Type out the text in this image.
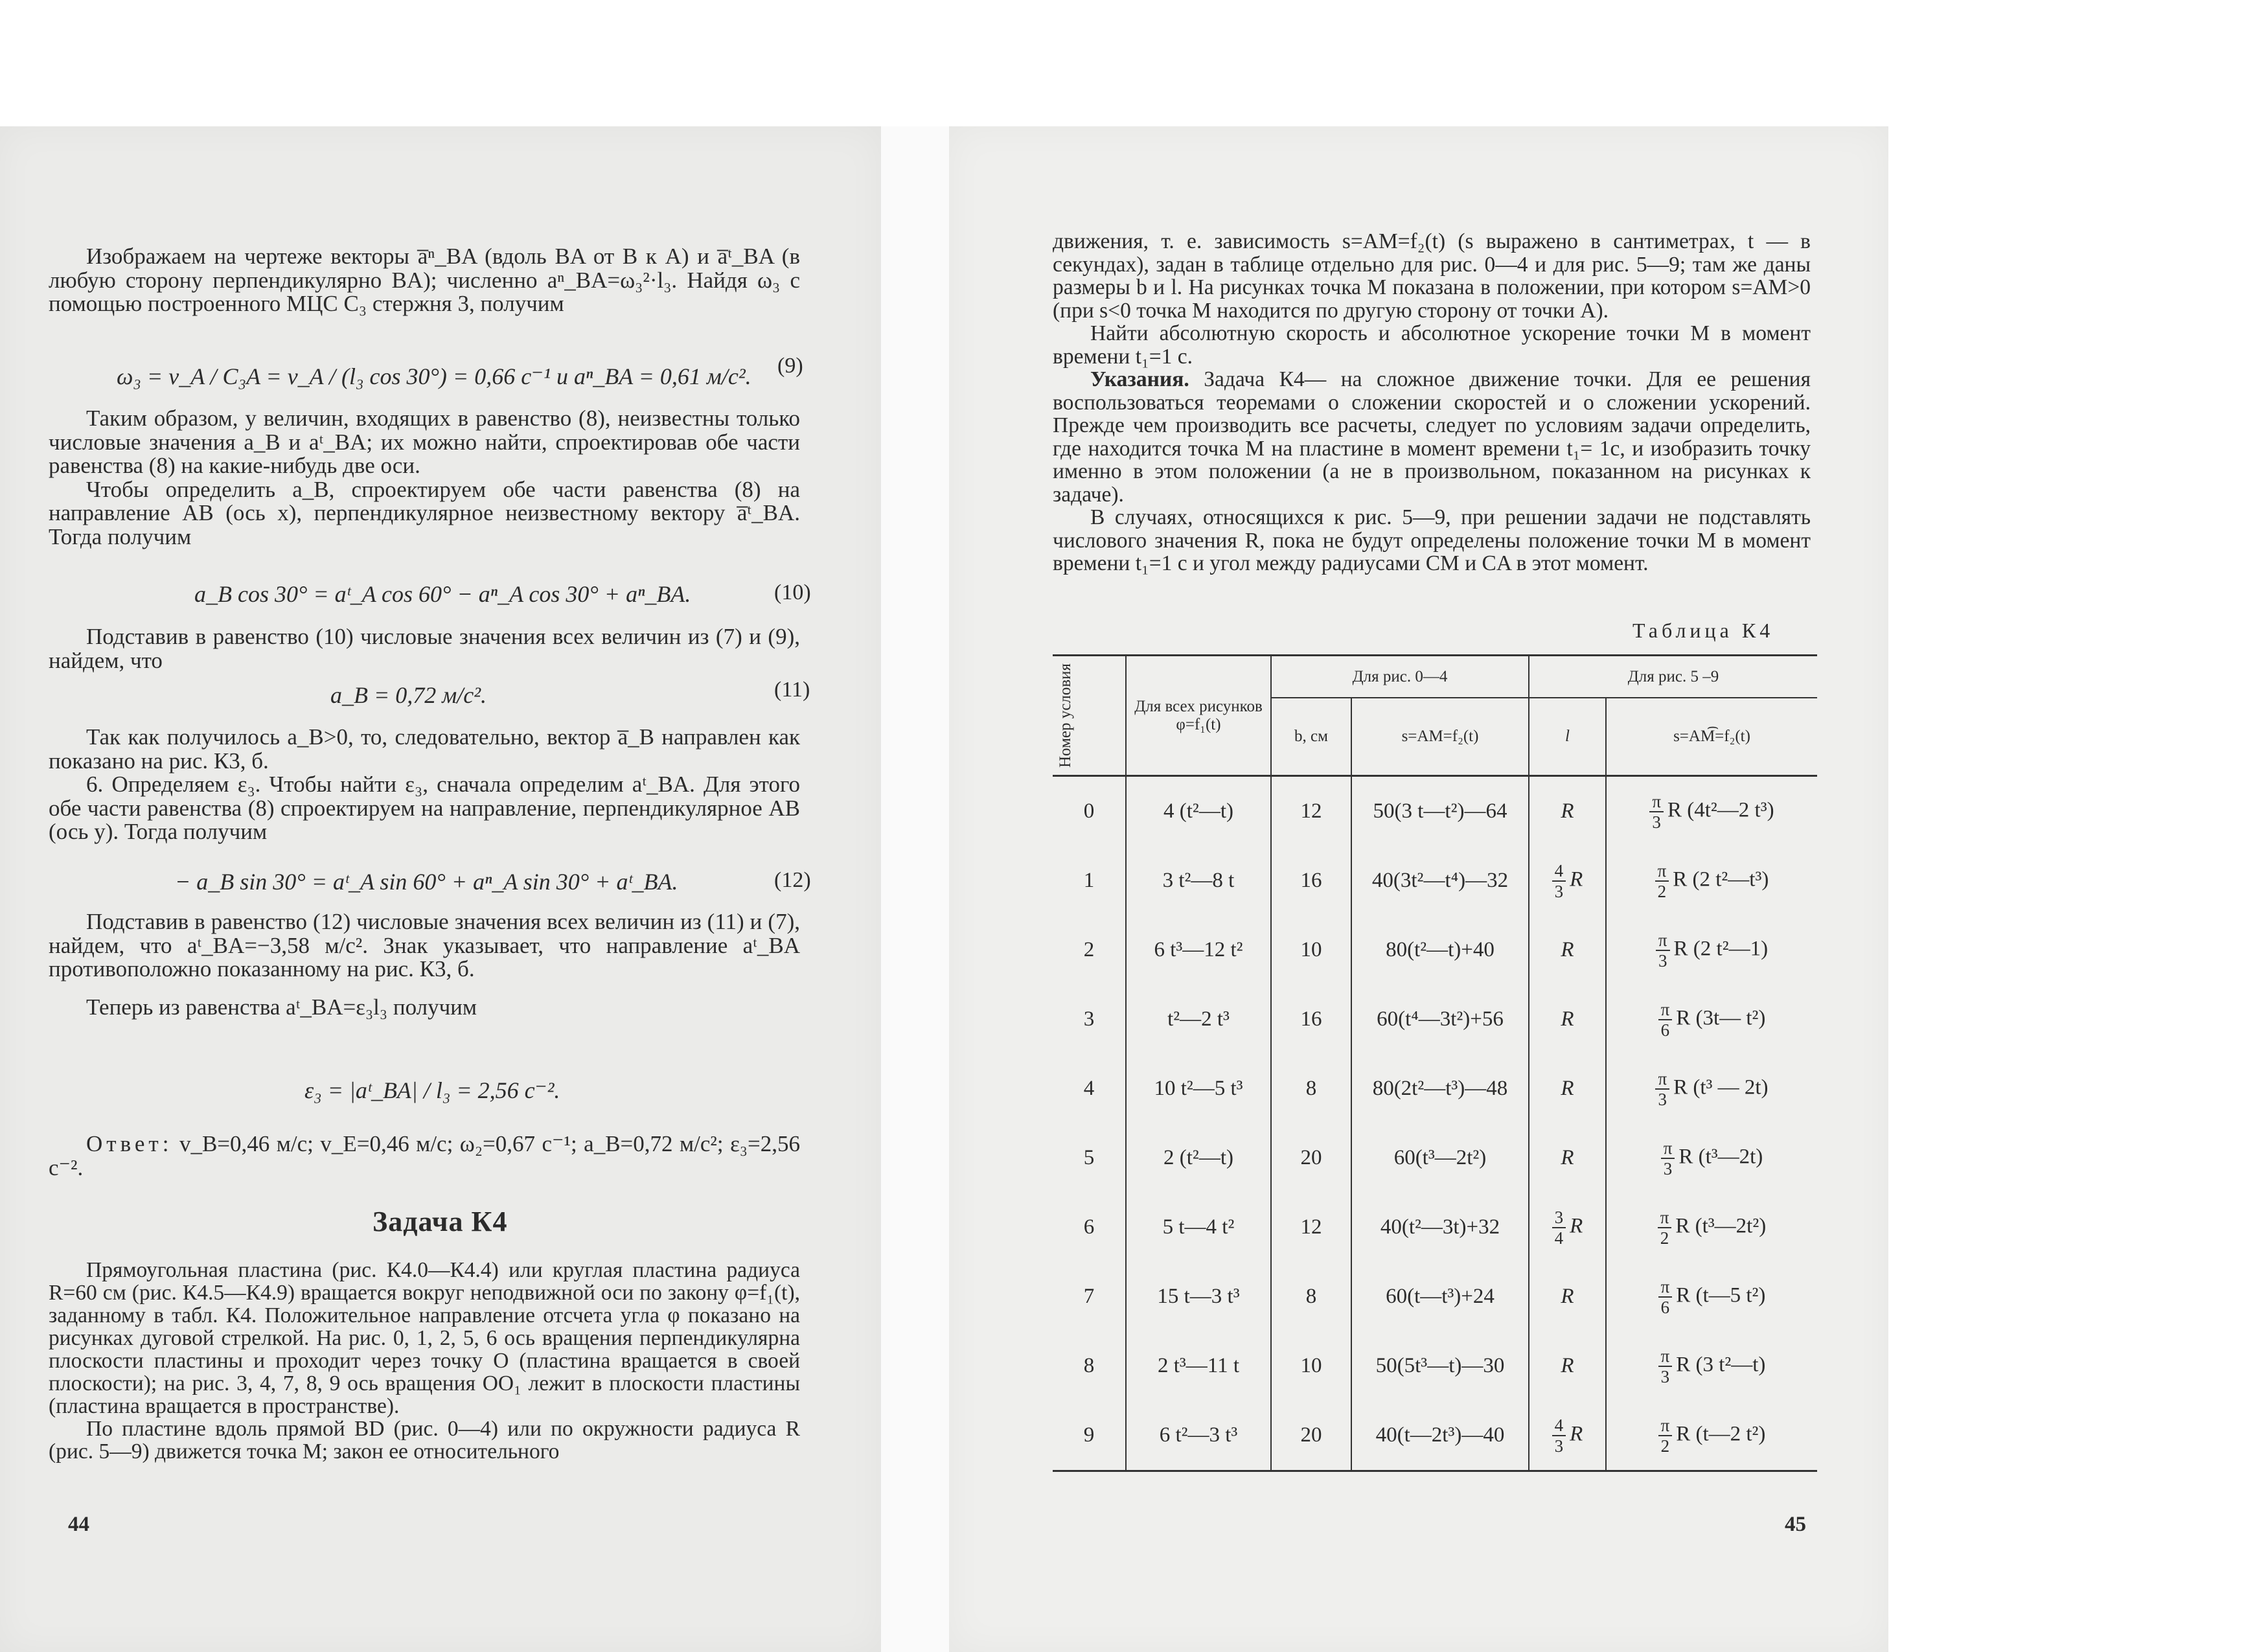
Изображаем на чертеже векторы a̅ⁿ_BA (вдоль BA от B к A) и a̅ᵗ_BA (в любую сторону перпендикулярно BA); численно aⁿ_BA=ω₃²·l₃. Найдя ω₃ с помощью построенного МЦС C₃ стержня 3, получим

ω₃ = v_A / C₃A = v_A / (l₃ cos 30°) = 0,66 с⁻¹ и aⁿ_BA = 0,61 м/с². (9)

Таким образом, у величин, входящих в равенство (8), неизвестны только числовые значения a_B и aᵗ_BA; их можно найти, спроектировав обе части равенства (8) на какие-нибудь две оси.

Чтобы определить a_B, спроектируем обе части равенства (8) на направление AB (ось x), перпендикулярное неизвестному вектору a̅ᵗ_BA. Тогда получим

a_B cos 30° = aᵗ_A cos 60° − aⁿ_A cos 30° + aⁿ_BA.	(10)

Подставив в равенство (10) числовые значения всех величин из (7) и (9), найдем, что

a_B = 0,72 м/с².	(11)

Так как получилось a_B>0, то, следовательно, вектор a̅_B направлен как показано на рис. К3, б.

6. Определяем ε₃. Чтобы найти ε₃, сначала определим aᵗ_BA. Для этого обе части равенства (8) спроектируем на направление, перпендикулярное AB (ось y). Тогда получим

− a_B sin 30° = aᵗ_A sin 60° + aⁿ_A sin 30° + aᵗ_BA.	(12)

Подставив в равенство (12) числовые значения всех величин из (11) и (7), найдем, что aᵗ_BA=−3,58 м/с². Знак указывает, что направление aᵗ_BA противоположно показанному на рис. К3, б.

Теперь из равенства aᵗ_BA=ε₃l₃ получим

ε₃ = |aᵗ_BA| / l₃ = 2,56 с⁻².

Ответ: v_B=0,46 м/с; v_E=0,46 м/с; ω₂=0,67 с⁻¹; a_B=0,72 м/с²; ε₃=2,56 с⁻².

Задача К4

Прямоугольная пластина (рис. К4.0—К4.4) или круглая пластина радиуса R=60 см (рис. К4.5—К4.9) вращается вокруг неподвижной оси по закону φ=f₁(t), заданному в табл. К4. Положительное направление отсчета угла φ показано на рисунках дуговой стрелкой. На рис. 0, 1, 2, 5, 6 ось вращения перпендикулярна плоскости пластины и проходит через точку O (пластина вращается в своей плоскости); на рис. 3, 4, 7, 8, 9 ось вращения OO₁ лежит в плоскости пластины (пластина вращается в пространстве).

По пластине вдоль прямой BD (рис. 0—4) или по окружности радиуса R (рис. 5—9) движется точка M; закон ее относительного

44

движения, т. е. зависимость s=AM=f₂(t) (s выражено в сантиметрах, t — в секундах), задан в таблице отдельно для рис. 0—4 и для рис. 5—9; там же даны размеры b и l. На рисунках точка M показана в положении, при котором s=AM>0 (при s<0 точка M находится по другую сторону от точки A).

Найти абсолютную скорость и абсолютное ускорение точки M в момент времени t₁=1 с.

Указания. Задача К4— на сложное движение точки. Для ее решения воспользоваться теоремами о сложении скоростей и о сложении ускорений. Прежде чем производить все расчеты, следует по условиям задачи определить, где находится точка M на пластине в момент времени t₁= 1с, и изобразить точку именно в этом положении (а не в произвольном, показанном на рисунках к задаче).

В случаях, относящихся к рис. 5—9, при решении задачи не подставлять числового значения R, пока не будут определены положение точки M в момент времени t₁=1 с и угол между радиусами CM и CA в этот момент.

Таблица К4
Номер условия	Для всех рисунков φ=f₁(t)	Для рис. 0—4		Для рис. 5 –9	
		b, см	s=AM=f₂(t)	l	s=AM͡=f₂(t)
0	4 (t²—t)	12	50(3 t—t²)—64	R	$\frac{\pi}{3}$ R (4t²—2 t³)
1	3 t²—8 t	16	40(3t²—t⁴)—32	$\frac{4}{3}$ R	$\frac{\pi}{2}$ R (2 t²—t³)
2	6 t³—12 t²	10	80(t²—t)+40	R	$\frac{\pi}{3}$ R (2 t²—1)
3	t²—2 t³	16	60(t⁴—3t²)+56	R	$\frac{\pi}{6}$ R (3t— t²)
4	10 t²—5 t³	8	80(2t²—t³)—48	R	$\frac{\pi}{3}$ R (t³ — 2t)
5	2 (t²—t)	20	60(t³—2t²)	R	$\frac{\pi}{3}$ R (t³—2t)
6	5 t—4 t²	12	40(t²—3t)+32	$\frac{3}{4}$ R	$\frac{\pi}{2}$ R (t³—2t²)
7	15 t—3 t³	8	60(t—t³)+24	R	$\frac{\pi}{6}$ R (t—5 t²)
8	2 t³—11 t	10	50(5t³—t)—30	R	$\frac{\pi}{3}$ R (3 t²—t)
9	6 t²—3 t³	20	40(t—2t³)—40	$\frac{4}{3}$ R	$\frac{\pi}{2}$ R (t—2 t²)
45
